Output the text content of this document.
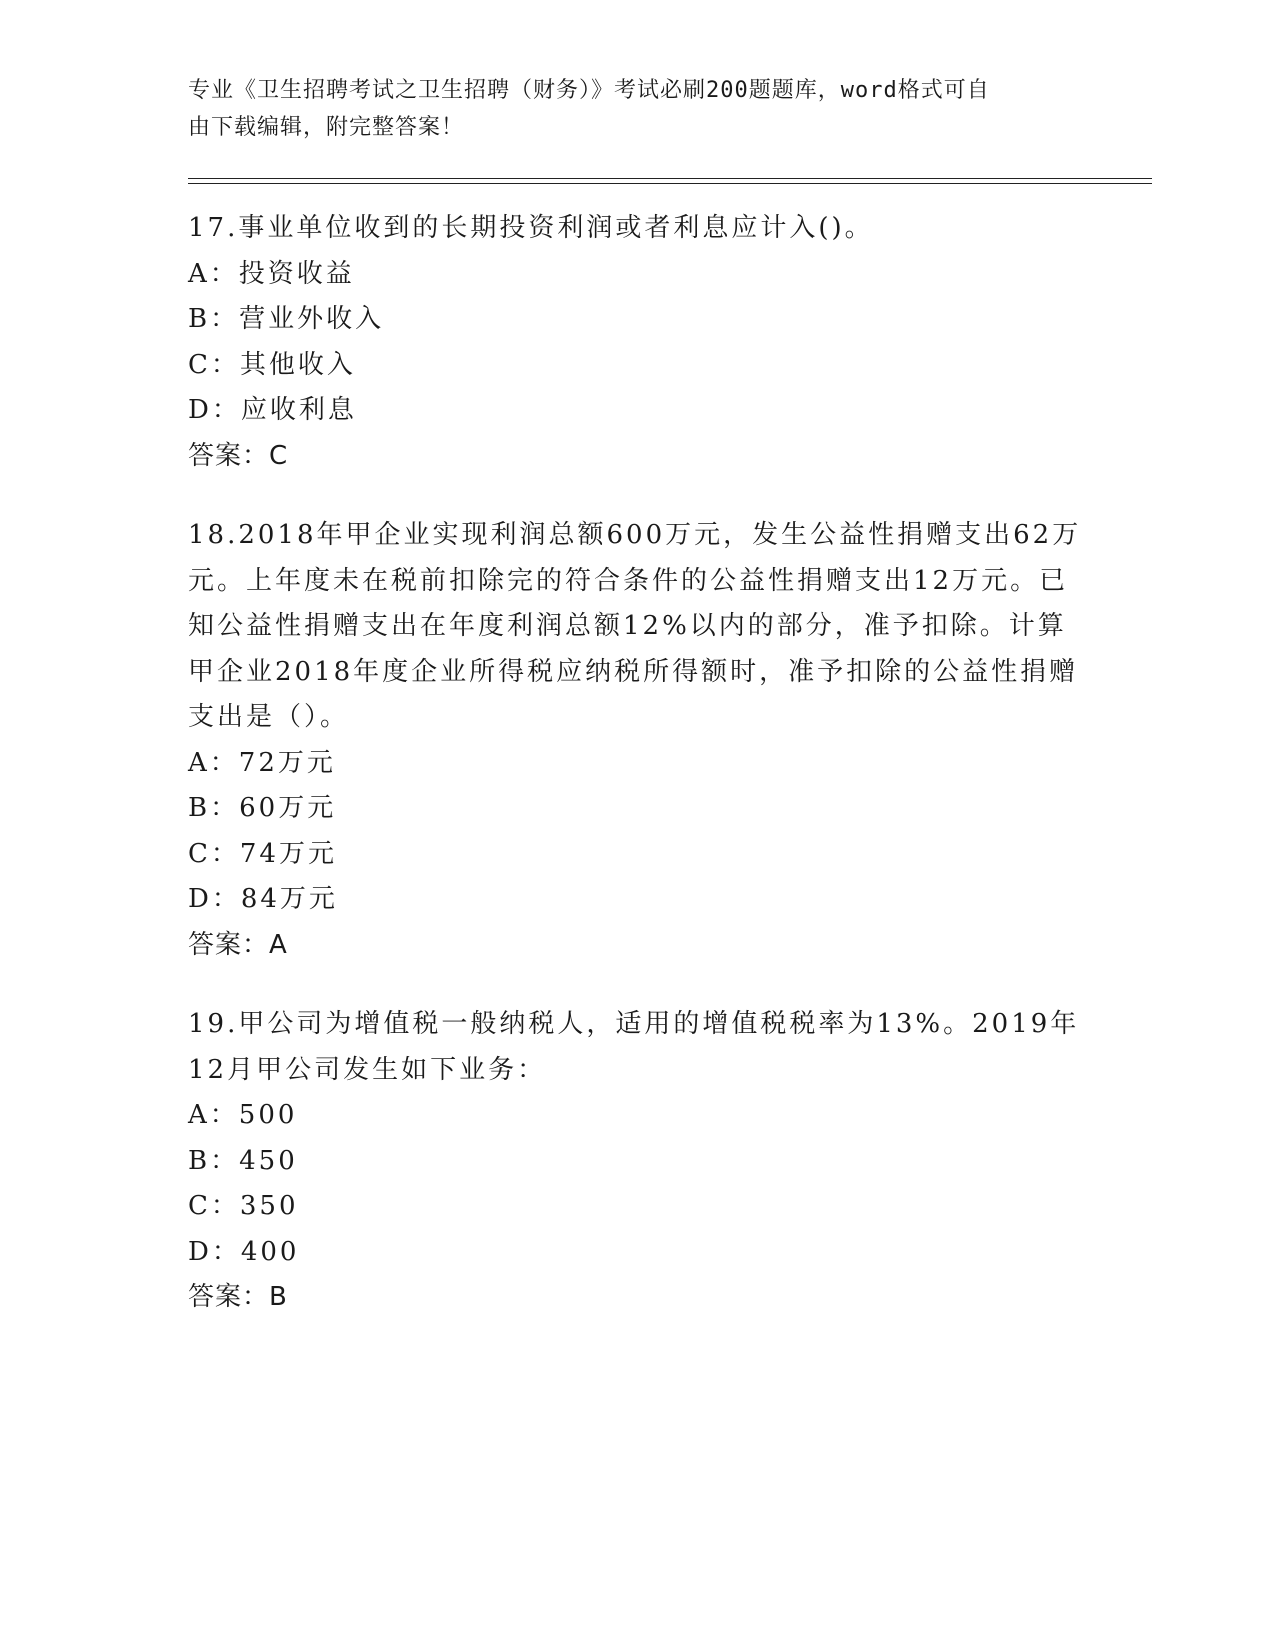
专业《卫生招聘考试之卫生招聘（财务）》考试必刷200题题库，word格式可自
由下载编辑，附完整答案！
17.事业单位收到的长期投资利润或者利息应计入()。
A：投资收益
B：营业外收入
C：其他收入
D：应收利息
答案：C
18.2018年甲企业实现利润总额600万元，发生公益性捐赠支出62万元。上年度未在税前扣除完的符合条件的公益性捐赠支出12万元。已知公益性捐赠支出在年度利润总额12%以内的部分，准予扣除。计算甲企业2018年度企业所得税应纳税所得额时，准予扣除的公益性捐赠支出是（）。
A：72万元
B：60万元
C：74万元
D：84万元
答案：A
19.甲公司为增值税一般纳税人，适用的增值税税率为13%。2019年12月甲公司发生如下业务：
A：500
B：450
C：350
D：400
答案：B
